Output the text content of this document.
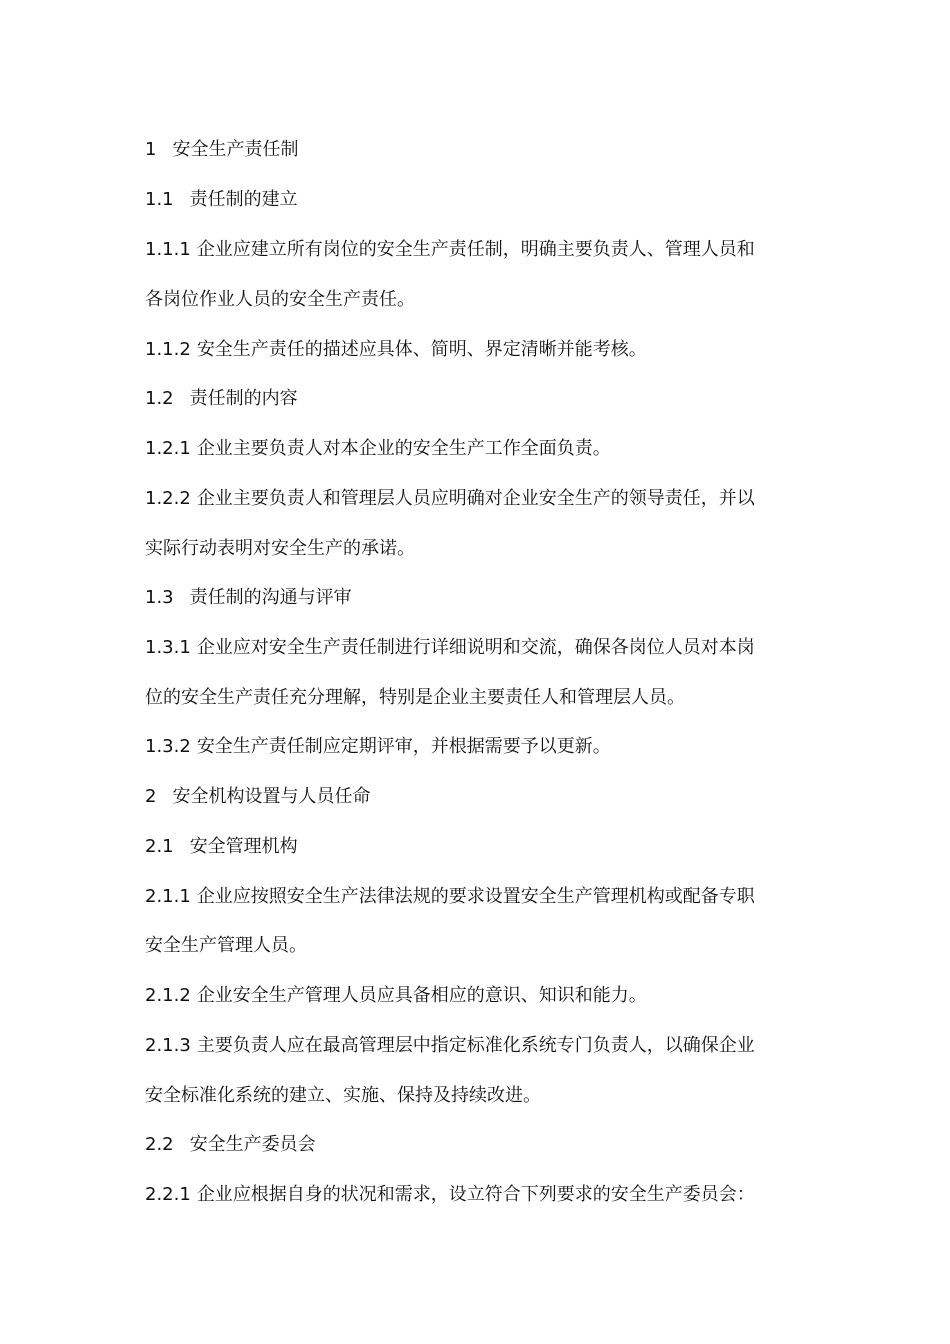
1 安全生产责任制
1.1 责任制的建立
1.1.1 企业应建立所有岗位的安全生产责任制，明确主要负责人、管理人员和
各岗位作业人员的安全生产责任。
1.1.2 安全生产责任的描述应具体、简明、界定清晰并能考核。
1.2 责任制的内容
1.2.1 企业主要负责人对本企业的安全生产工作全面负责。
1.2.2 企业主要负责人和管理层人员应明确对企业安全生产的领导责任，并以
实际行动表明对安全生产的承诺。
1.3 责任制的沟通与评审
1.3.1 企业应对安全生产责任制进行详细说明和交流，确保各岗位人员对本岗
位的安全生产责任充分理解，特别是企业主要责任人和管理层人员。
1.3.2 安全生产责任制应定期评审，并根据需要予以更新。
2 安全机构设置与人员任命
2.1 安全管理机构
2.1.1 企业应按照安全生产法律法规的要求设置安全生产管理机构或配备专职
安全生产管理人员。
2.1.2 企业安全生产管理人员应具备相应的意识、知识和能力。
2.1.3 主要负责人应在最高管理层中指定标准化系统专门负责人，以确保企业
安全标准化系统的建立、实施、保持及持续改进。
2.2 安全生产委员会
2.2.1 企业应根据自身的状况和需求，设立符合下列要求的安全生产委员会：
